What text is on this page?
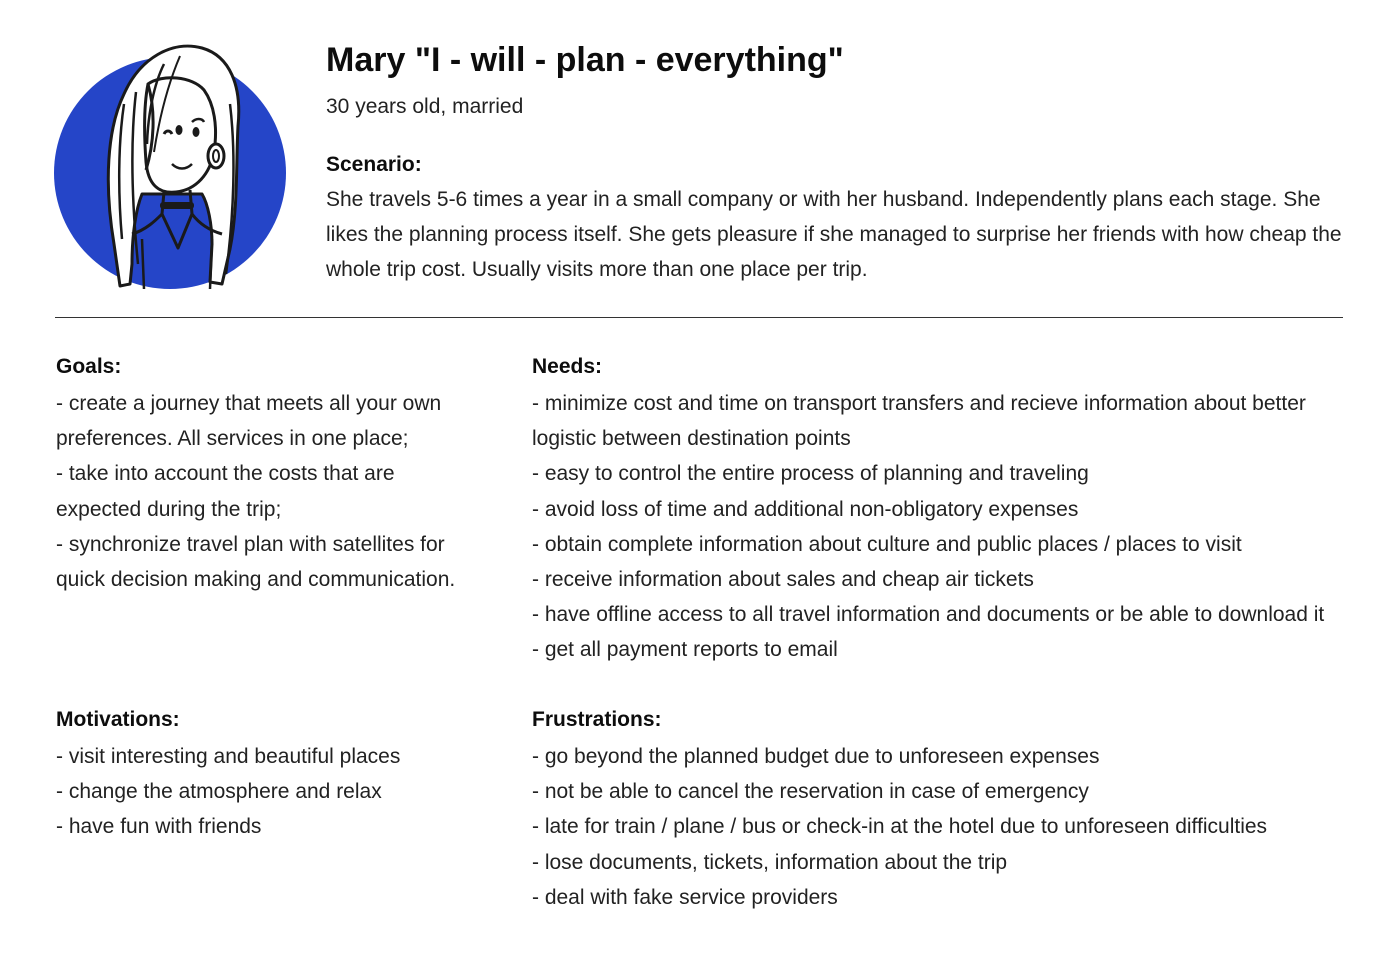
Mary "I - will - plan - everything"
30 years old, married
Scenario:
She travels 5-6 times a year in a small company or with her husband. Independently plans each stage. She likes the planning process itself. She gets pleasure if she managed to surprise her friends with how cheap the whole trip cost. Usually visits more than one place per trip.
Goals:
- create a journey that meets all your own preferences. All services in one place;
- take into account the costs that are expected during the trip;
- synchronize travel plan with satellites for quick decision making and communication.
Needs:
- minimize cost and time on transport transfers and recieve information about better logistic between destination points
- easy to control the entire process of planning and traveling
- avoid loss of time and additional non-obligatory expenses
- obtain complete information about culture and public places / places to visit
- receive information about sales and cheap air tickets
- have offline access to all travel information and documents or be able to download it
- get all payment reports to email
Motivations:
- visit interesting and beautiful places
- change the atmosphere and relax
- have fun with friends
Frustrations:
- go beyond the planned budget due to unforeseen expenses
- not be able to cancel the reservation in case of emergency
- late for train / plane / bus or check-in at the hotel due to unforeseen difficulties
- lose documents, tickets, information about the trip
- deal with fake service providers
